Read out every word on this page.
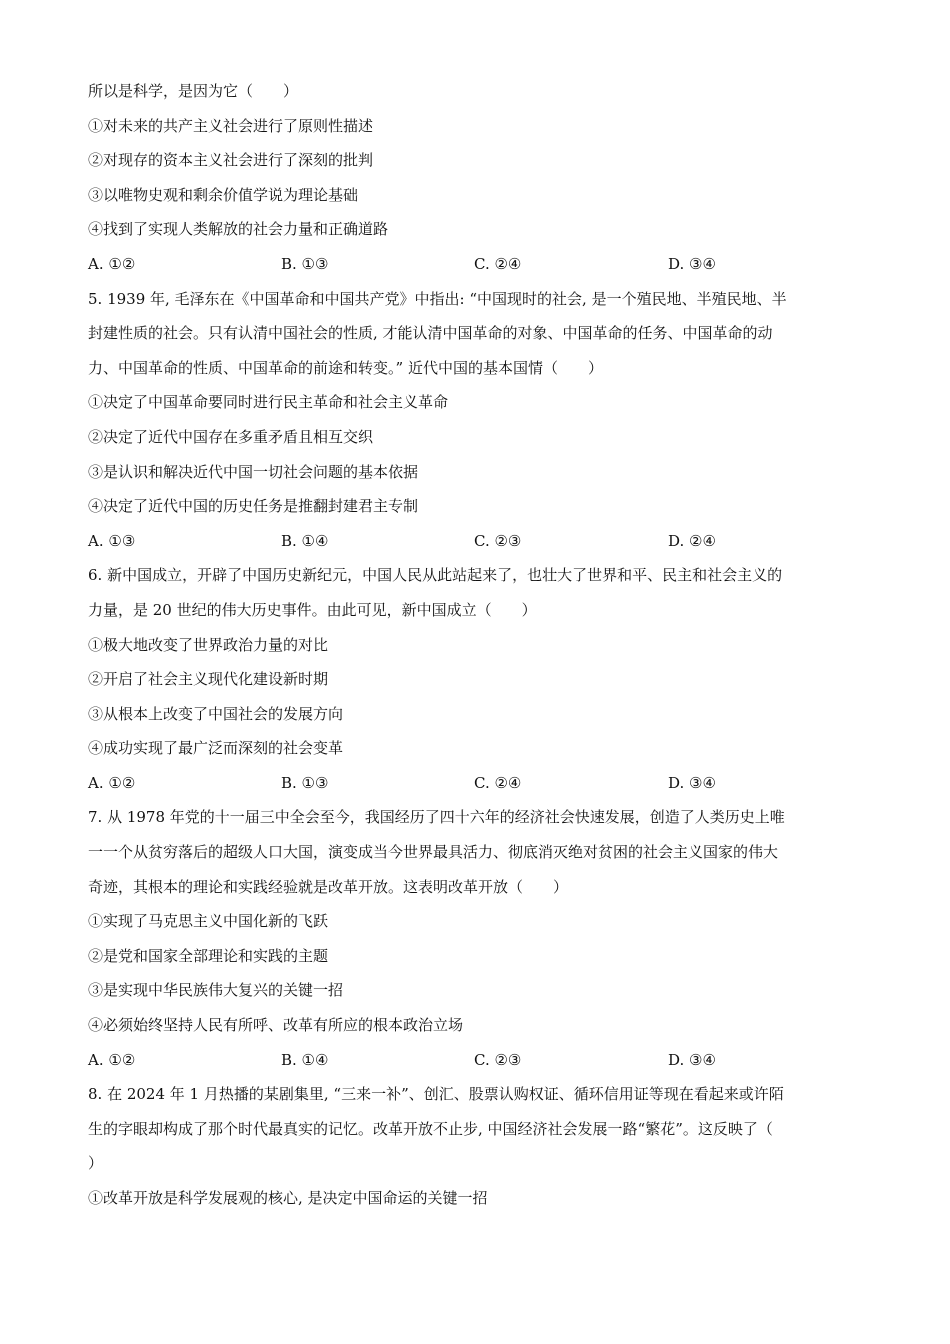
所以是科学，是因为它（　　）
①对未来的共产主义社会进行了原则性描述
②对现存的资本主义社会进行了深刻的批判
③以唯物史观和剩余价值学说为理论基础
④找到了实现人类解放的社会力量和正确道路
A. ①②	B. ①③	C. ②④	D. ③④
5. 1939 年, 毛泽东在《中国革命和中国共产党》中指出: “中国现时的社会, 是一个殖民地、半殖民地、半
封建性质的社会。只有认清中国社会的性质, 才能认清中国革命的对象、中国革命的任务、中国革命的动
力、中国革命的性质、中国革命的前途和转变。” 近代中国的基本国情（　　）
①决定了中国革命要同时进行民主革命和社会主义革命
②决定了近代中国存在多重矛盾且相互交织
③是认识和解决近代中国一切社会问题的基本依据
④决定了近代中国的历史任务是推翻封建君主专制
A. ①③	B. ①④	C. ②③	D. ②④
6. 新中国成立，开辟了中国历史新纪元，中国人民从此站起来了，也壮大了世界和平、民主和社会主义的
力量，是 20 世纪的伟大历史事件。由此可见，新中国成立（　　）
①极大地改变了世界政治力量的对比
②开启了社会主义现代化建设新时期
③从根本上改变了中国社会的发展方向
④成功实现了最广泛而深刻的社会变革
A. ①②	B. ①③	C. ②④	D. ③④
7. 从 1978 年党的十一届三中全会至今，我国经历了四十六年的经济社会快速发展，创造了人类历史上唯
一一个从贫穷落后的超级人口大国，演变成当今世界最具活力、彻底消灭绝对贫困的社会主义国家的伟大
奇迹，其根本的理论和实践经验就是改革开放。这表明改革开放（　　）
①实现了马克思主义中国化新的飞跃
②是党和国家全部理论和实践的主题
③是实现中华民族伟大复兴的关键一招
④必须始终坚持人民有所呼、改革有所应的根本政治立场
A. ①②	B. ①④	C. ②③	D. ③④
8. 在 2024 年 1 月热播的某剧集里, “三来一补”、创汇、股票认购权证、循环信用证等现在看起来或许陌
生的字眼却构成了那个时代最真实的记忆。改革开放不止步, 中国经济社会发展一路“繁花”。这反映了（
）
①改革开放是科学发展观的核心, 是决定中国命运的关键一招
